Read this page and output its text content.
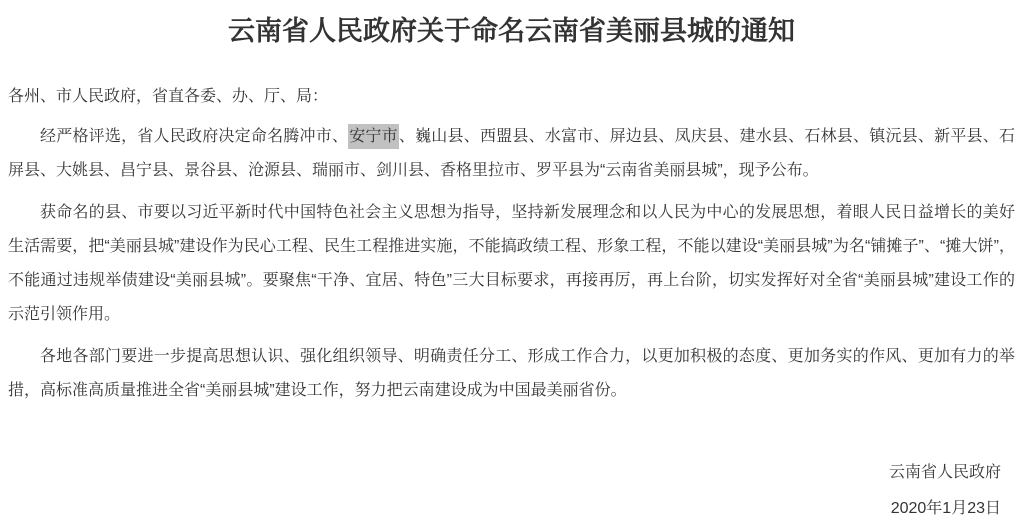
云南省人民政府关于命名云南省美丽县城的通知

各州、市人民政府，省直各委、办、厅、局：

经严格评选，省人民政府决定命名腾冲市、安宁市、巍山县、西盟县、水富市、屏边县、凤庆县、建水县、石林县、镇沅县、新平县、石屏县、大姚县、昌宁县、景谷县、沧源县、瑞丽市、剑川县、香格里拉市、罗平县为“云南省美丽县城”，现予公布。

获命名的县、市要以习近平新时代中国特色社会主义思想为指导，坚持新发展理念和以人民为中心的发展思想，着眼人民日益增长的美好生活需要，把“美丽县城”建设作为民心工程、民生工程推进实施，不能搞政绩工程、形象工程，不能以建设“美丽县城”为名“铺摊子”、“摊大饼”，不能通过违规举债建设“美丽县城”。要聚焦“干净、宜居、特色”三大目标要求，再接再厉，再上台阶，切实发挥好对全省“美丽县城”建设工作的示范引领作用。

各地各部门要进一步提高思想认识、强化组织领导、明确责任分工、形成工作合力，以更加积极的态度、更加务实的作风、更加有力的举措，高标准高质量推进全省“美丽县城”建设工作，努力把云南建设成为中国最美丽省份。

云南省人民政府

2020年1月23日
